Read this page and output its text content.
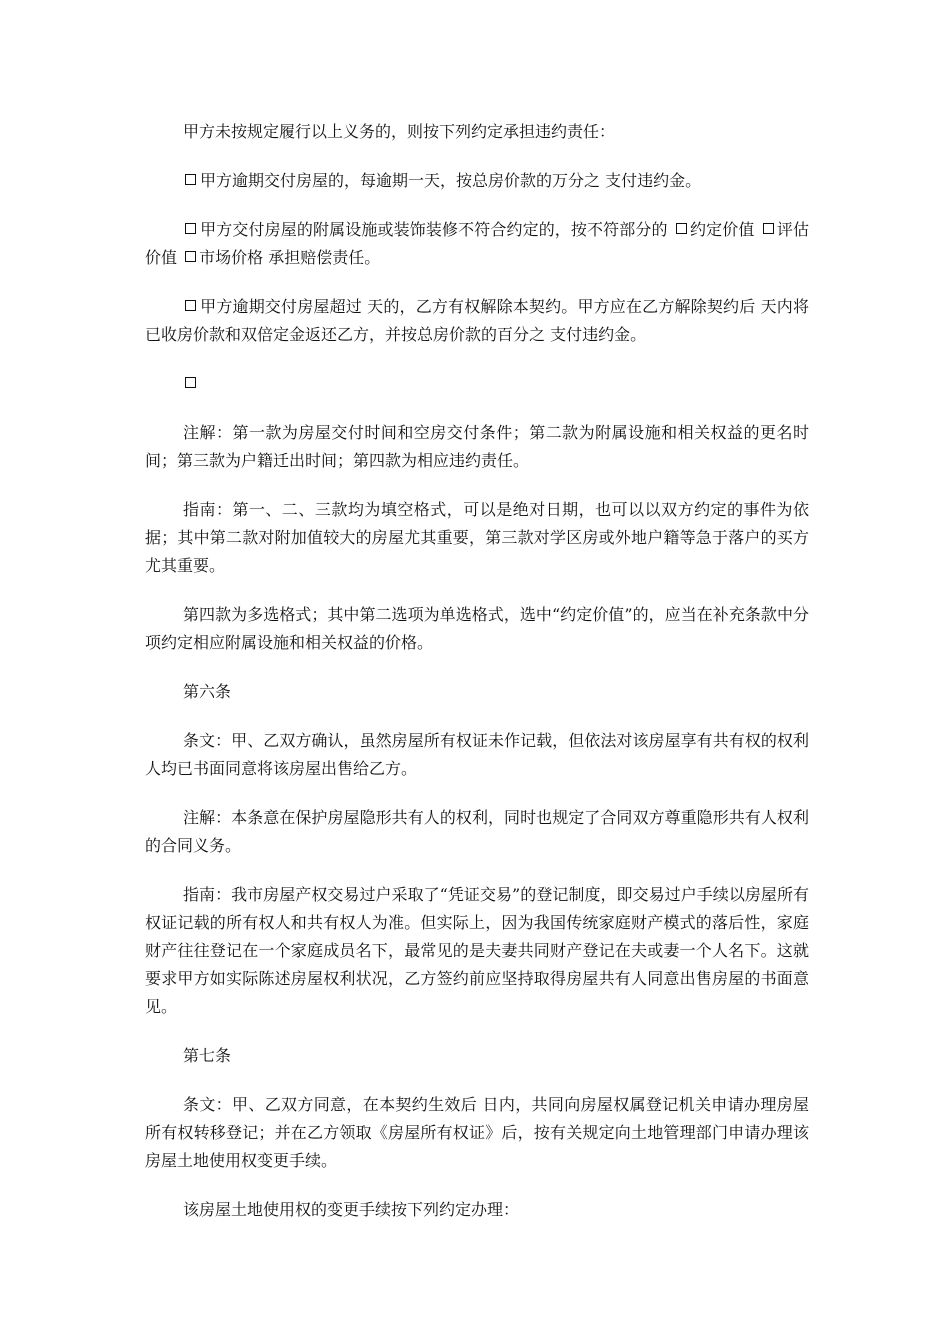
甲方未按规定履行以上义务的，则按下列约定承担违约责任：

甲方逾期交付房屋的，每逾期一天，按总房价款的万分之 支付违约金。

甲方交付房屋的附属设施或装饰装修不符合约定的，按不符部分的 约定价值 评估价值 市场价格 承担赔偿责任。

甲方逾期交付房屋超过 天的，乙方有权解除本契约。甲方应在乙方解除契约后 天内将已收房价款和双倍定金返还乙方，并按总房价款的百分之 支付违约金。

注解：第一款为房屋交付时间和空房交付条件；第二款为附属设施和相关权益的更名时间；第三款为户籍迁出时间；第四款为相应违约责任。

指南：第一、二、三款均为填空格式，可以是绝对日期，也可以以双方约定的事件为依据；其中第二款对附加值较大的房屋尤其重要，第三款对学区房或外地户籍等急于落户的买方尤其重要。

第四款为多选格式；其中第二选项为单选格式，选中“约定价值”的，应当在补充条款中分项约定相应附属设施和相关权益的价格。

第六条

条文：甲、乙双方确认，虽然房屋所有权证未作记载，但依法对该房屋享有共有权的权利人均已书面同意将该房屋出售给乙方。

注解：本条意在保护房屋隐形共有人的权利，同时也规定了合同双方尊重隐形共有人权利的合同义务。

指南：我市房屋产权交易过户采取了“凭证交易”的登记制度，即交易过户手续以房屋所有权证记载的所有权人和共有权人为准。但实际上，因为我国传统家庭财产模式的落后性，家庭财产往往登记在一个家庭成员名下，最常见的是夫妻共同财产登记在夫或妻一个人名下。这就要求甲方如实际陈述房屋权利状况，乙方签约前应坚持取得房屋共有人同意出售房屋的书面意见。

第七条

条文：甲、乙双方同意，在本契约生效后 日内，共同向房屋权属登记机关申请办理房屋所有权转移登记；并在乙方领取《房屋所有权证》后，按有关规定向土地管理部门申请办理该房屋土地使用权变更手续。

该房屋土地使用权的变更手续按下列约定办理：
